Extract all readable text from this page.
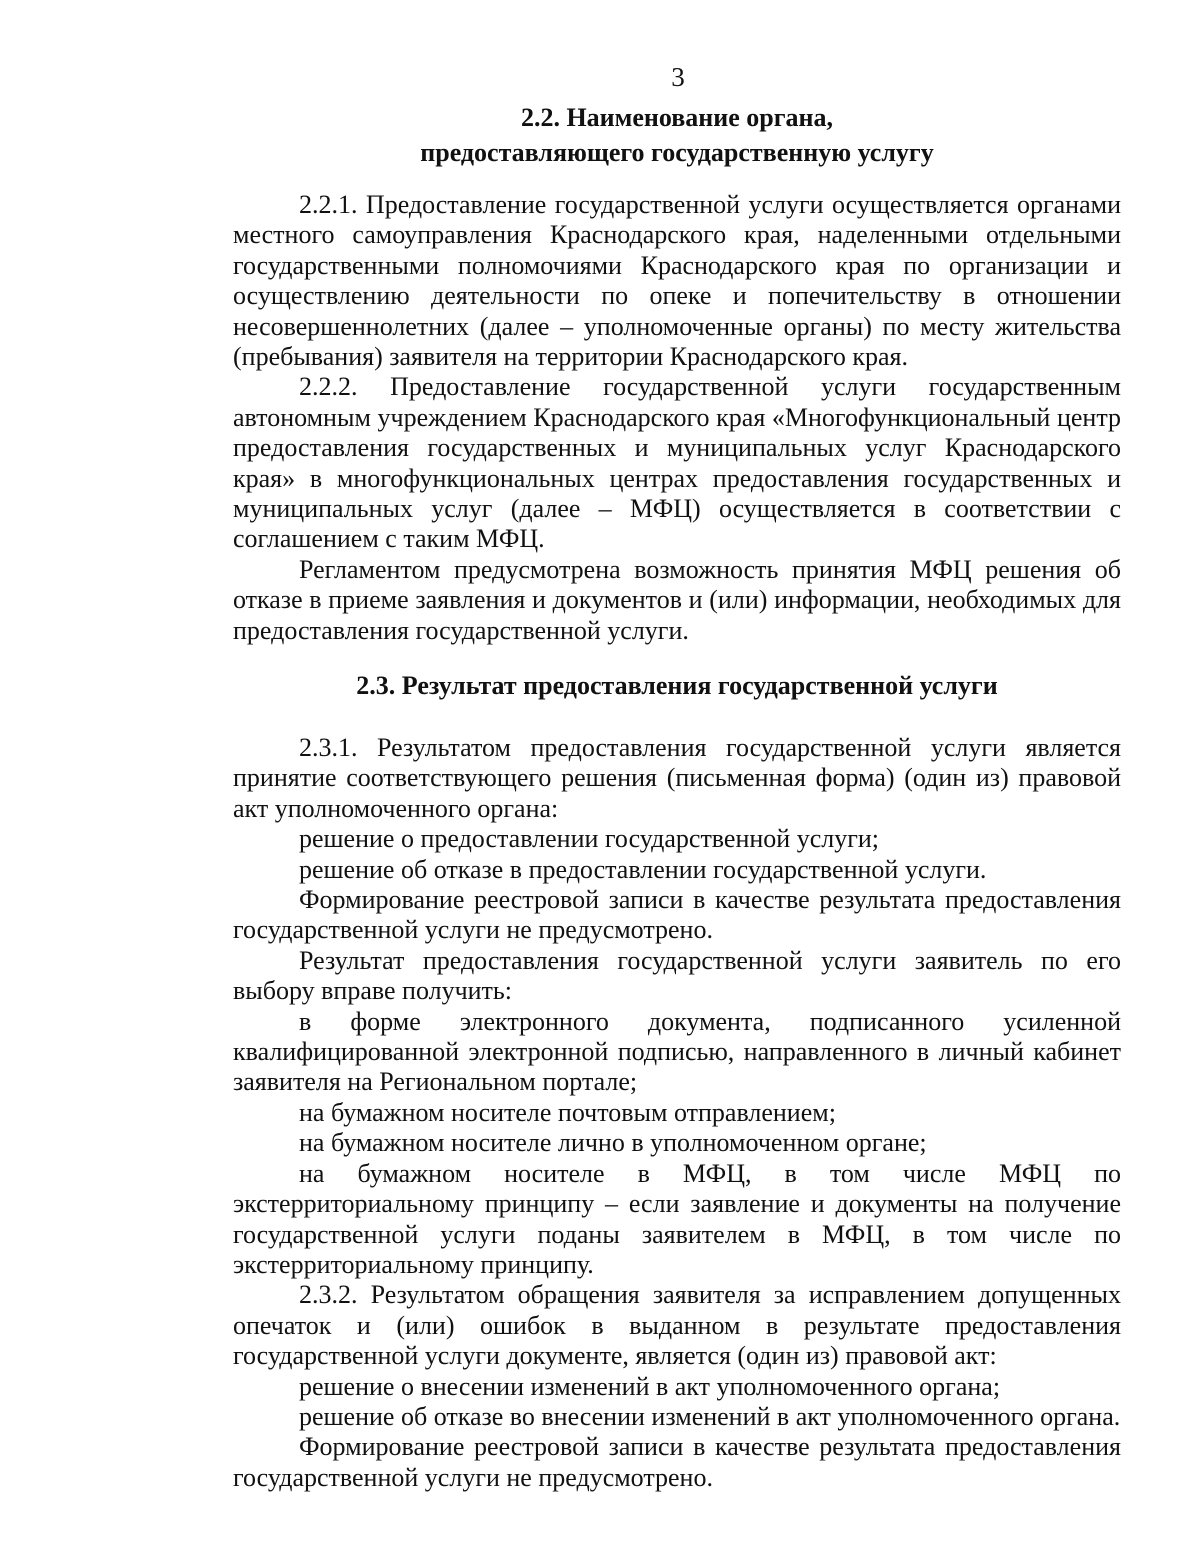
3
2.2. Наименование органа,
предоставляющего государственную услугу

2.2.1. Предоставление государственной услуги осуществляется органами местного самоуправления Краснодарского края, наделенными отдельными государственными полномочиями Краснодарского края по организации и осуществлению деятельности по опеке и попечительству в отношении несовершеннолетних (далее – уполномоченные органы) по месту жительства (пребывания) заявителя на территории Краснодарского края.

2.2.2. Предоставление государственной услуги государственным автономным учреждением Краснодарского края «Многофункциональный центр предоставления государственных и муниципальных услуг Краснодарского края» в многофункциональных центрах предоставления государственных и муниципальных услуг (далее – МФЦ) осуществляется в соответствии с соглашением с таким МФЦ.

Регламентом предусмотрена возможность принятия МФЦ решения об отказе в приеме заявления и документов и (или) информации, необходимых для предоставления государственной услуги.

2.3. Результат предоставления государственной услуги

2.3.1. Результатом предоставления государственной услуги является принятие соответствующего решения (письменная форма) (один из) правовой акт уполномоченного органа:

решение о предоставлении государственной услуги;

решение об отказе в предоставлении государственной услуги.

Формирование реестровой записи в качестве результата предоставления государственной услуги не предусмотрено.

Результат предоставления государственной услуги заявитель по его выбору вправе получить:

в форме электронного документа, подписанного усиленной квалифицированной электронной подписью, направленного в личный кабинет заявителя на Региональном портале;

на бумажном носителе почтовым отправлением;

на бумажном носителе лично в уполномоченном органе;

на бумажном носителе в МФЦ, в том числе МФЦ по экстерриториальному принципу – если заявление и документы на получение государственной услуги поданы заявителем в МФЦ, в том числе по экстерриториальному принципу.

2.3.2. Результатом обращения заявителя за исправлением допущенных опечаток и (или) ошибок в выданном в результате предоставления государственной услуги документе, является (один из) правовой акт:

решение о внесении изменений в акт уполномоченного органа;

решение об отказе во внесении изменений в акт уполномоченного органа.

Формирование реестровой записи в качестве результата предоставления государственной услуги не предусмотрено.
